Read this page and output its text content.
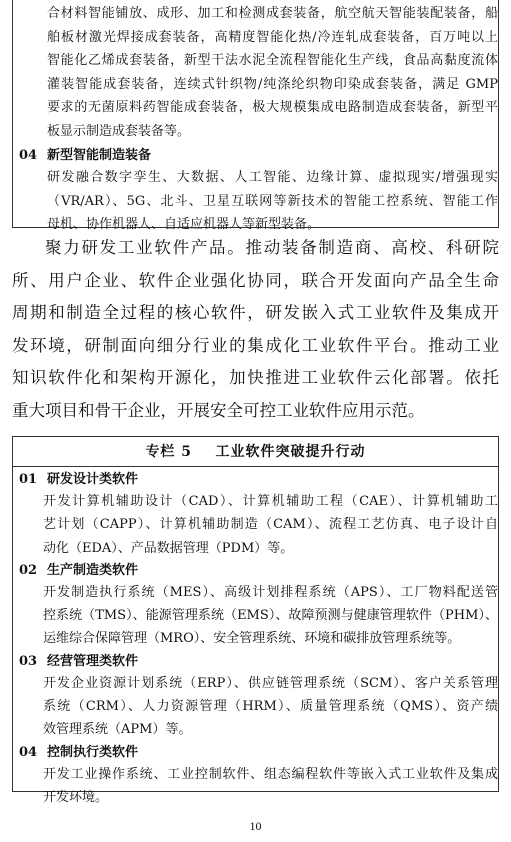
合材料智能铺放、成形、加工和检测成套装备，航空航天智能装配装备，船
舶板材激光焊接成套装备，高精度智能化热/冷连轧成套装备，百万吨以上
智能化乙烯成套装备，新型干法水泥全流程智能化生产线，食品高黏度流体
灌装智能成套装备，连续式针织物/纯涤纶织物印染成套装备，满足 GMP
要求的无菌原料药智能成套装备，极大规模集成电路制造成套装备，新型平
板显示制造成套装备等。
04 新型智能制造装备
研发融合数字孪生、大数据、人工智能、边缘计算、虚拟现实/增强现实
（VR/AR）、5G、北斗、卫星互联网等新技术的智能工控系统、智能工作
母机、协作机器人、自适应机器人等新型装备。
聚力研发工业软件产品。推动装备制造商、高校、科研院
所、用户企业、软件企业强化协同，联合开发面向产品全生命
周期和制造全过程的核心软件，研发嵌入式工业软件及集成开
发环境，研制面向细分行业的集成化工业软件平台。推动工业
知识软件化和架构开源化，加快推进工业软件云化部署。依托
重大项目和骨干企业，开展安全可控工业软件应用示范。
专栏 5    工业软件突破提升行动
01 研发设计类软件
开发计算机辅助设计（CAD）、计算机辅助工程（CAE）、计算机辅助工
艺计划（CAPP）、计算机辅助制造（CAM）、流程工艺仿真、电子设计自
动化（EDA）、产品数据管理（PDM）等。
02 生产制造类软件
开发制造执行系统（MES）、高级计划排程系统（APS）、工厂物料配送管
控系统（TMS）、能源管理系统（EMS）、故障预测与健康管理软件（PHM）、
运维综合保障管理（MRO）、安全管理系统、环境和碳排放管理系统等。
03 经营管理类软件
开发企业资源计划系统（ERP）、供应链管理系统（SCM）、客户关系管理
系统（CRM）、人力资源管理（HRM）、质量管理系统（QMS）、资产绩
效管理系统（APM）等。
04 控制执行类软件
开发工业操作系统、工业控制软件、组态编程软件等嵌入式工业软件及集成
开发环境。
10
